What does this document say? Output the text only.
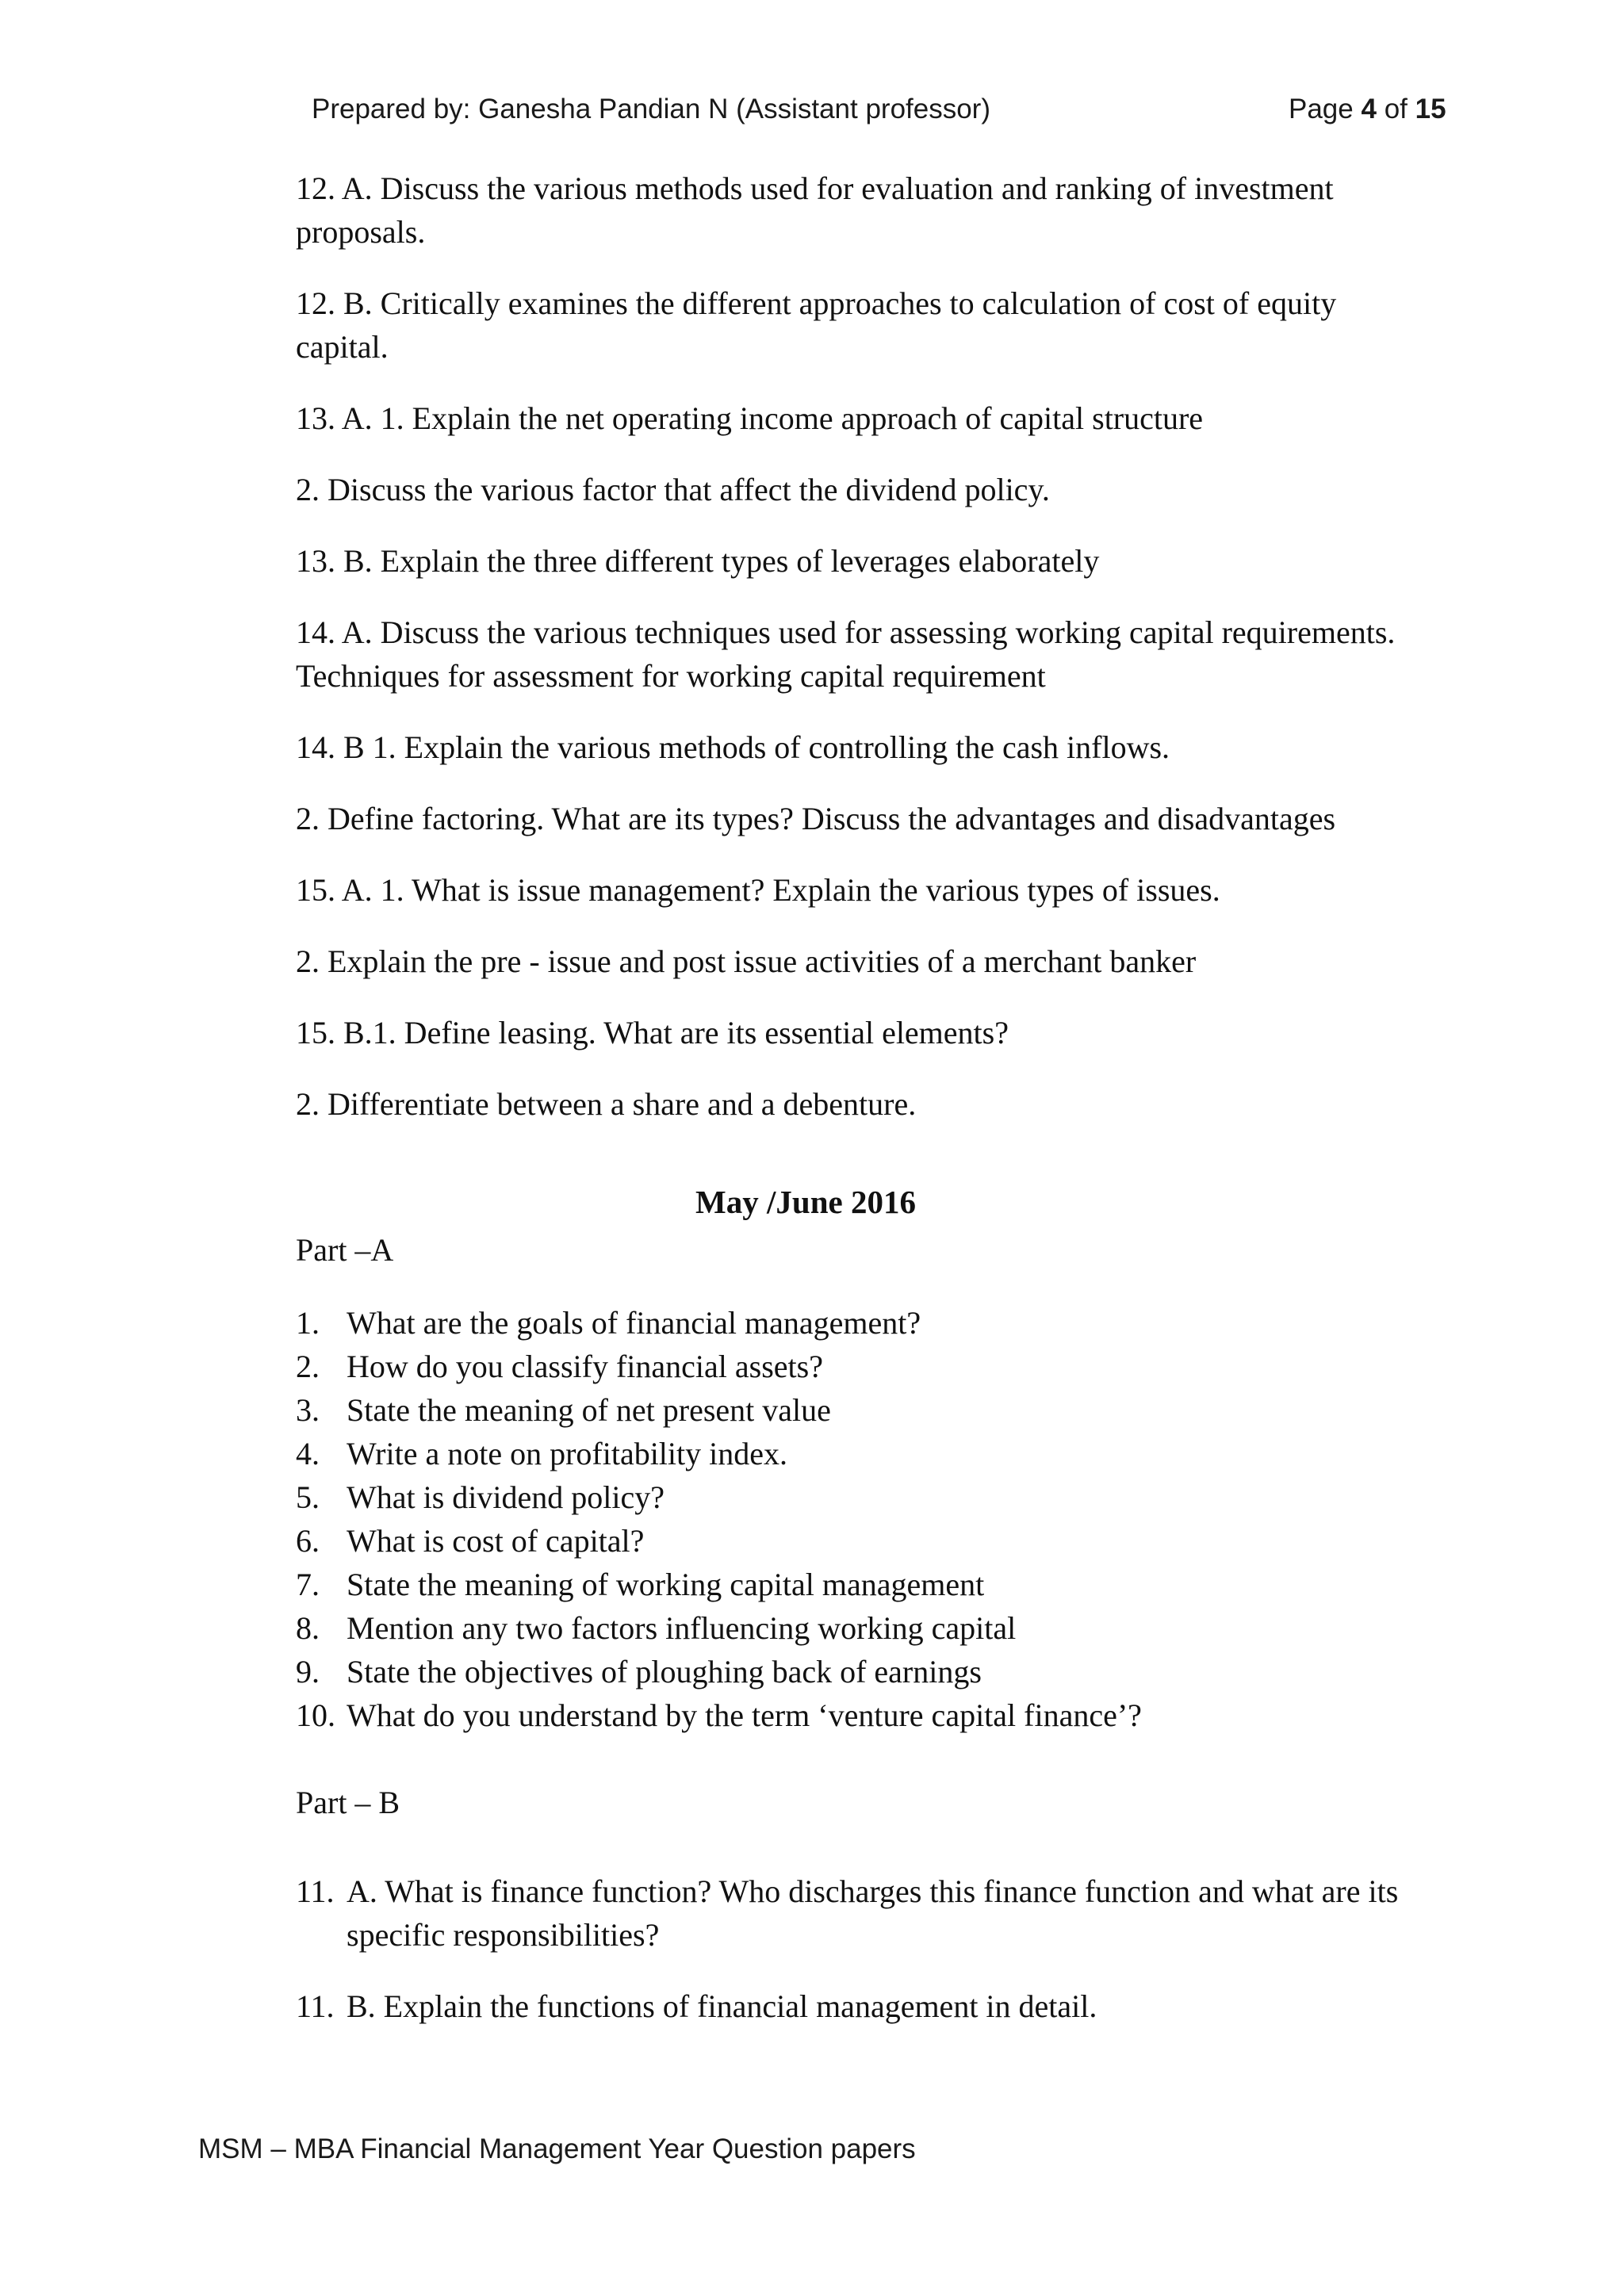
Prepared by: Ganesha Pandian N (Assistant professor)	Page 4 of 15

12. A. Discuss the various methods used for evaluation and ranking of investment proposals.

12. B. Critically examines the different approaches to calculation of cost of equity capital.

13. A. 1. Explain the net operating income approach of capital structure

2. Discuss the various factor that affect the dividend policy.

13. B. Explain the three different types of leverages elaborately

14. A. Discuss the various techniques used for assessing working capital requirements. Techniques for assessment for working capital requirement

14. B 1. Explain the various methods of controlling the cash inflows.

2. Define factoring. What are its types? Discuss the advantages and disadvantages

15. A. 1. What is issue management? Explain the various types of issues.

2. Explain the pre - issue and post issue activities of a merchant banker

15. B.1. Define leasing. What are its essential elements?

2. Differentiate between a share and a debenture.

May /June 2016
Part –A
1. What are the goals of financial management?
2. How do you classify financial assets?
3. State the meaning of net present value
4. Write a note on profitability index.
5. What is dividend policy?
6. What is cost of capital?
7. State the meaning of working capital management
8. Mention any two factors influencing working capital
9. State the objectives of ploughing back of earnings
10. What do you understand by the term ‘venture capital finance’?
Part – B
11. A. What is finance function? Who discharges this finance function and what are its specific responsibilities?
11. B. Explain the functions of financial management in detail.
MSM – MBA Financial Management Year Question papers
